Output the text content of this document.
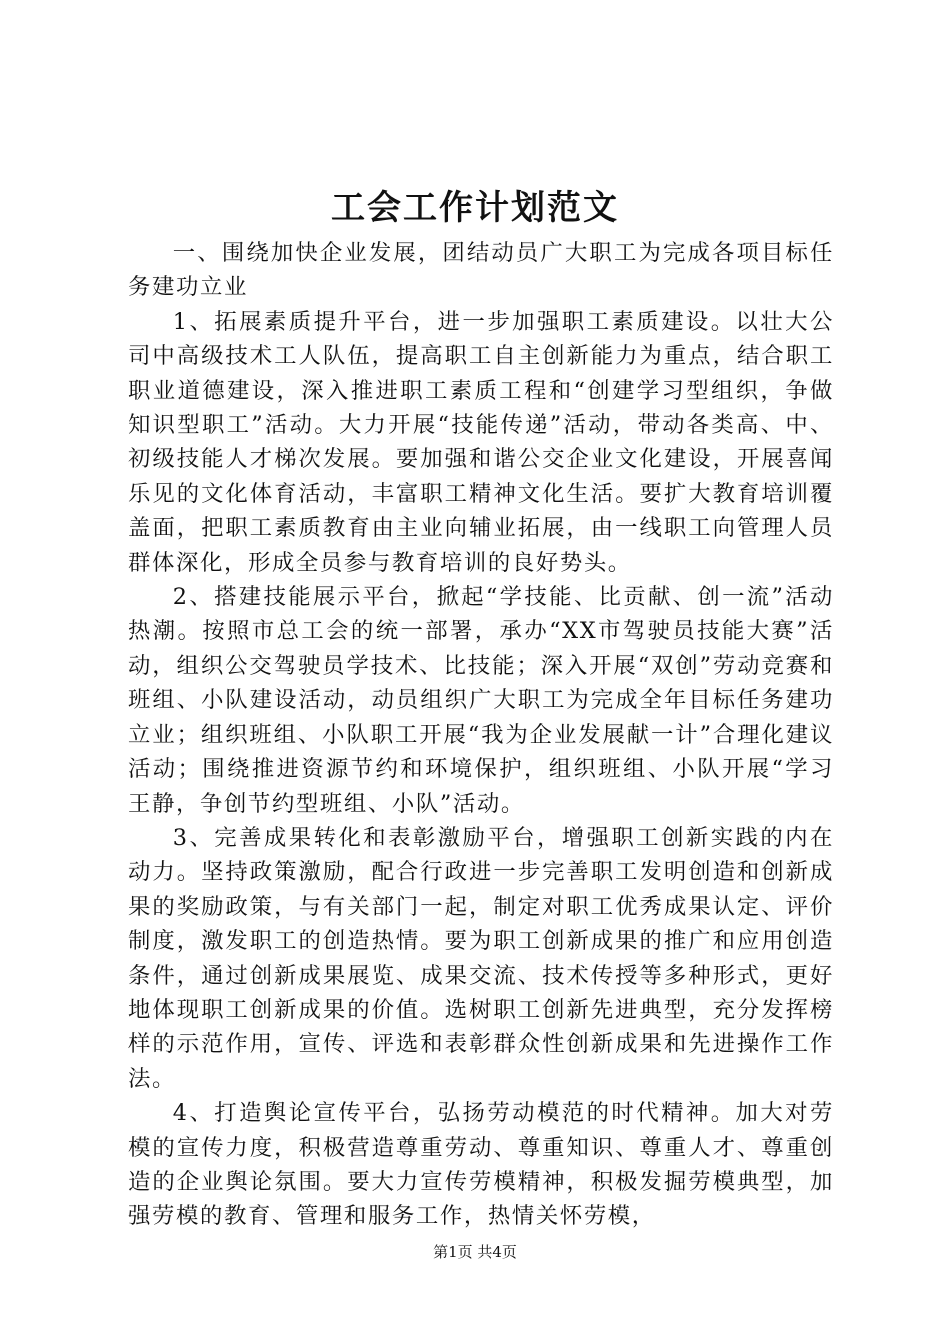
工会工作计划范文

一、围绕加快企业发展，团结动员广大职工为完成各项目标任务建功立业

1、拓展素质提升平台，进一步加强职工素质建设。以壮大公司中高级技术工人队伍，提高职工自主创新能力为重点，结合职工职业道德建设，深入推进职工素质工程和“创建学习型组织，争做知识型职工”活动。大力开展“技能传递”活动，带动各类高、中、初级技能人才梯次发展。要加强和谐公交企业文化建设，开展喜闻乐见的文化体育活动，丰富职工精神文化生活。要扩大教育培训覆盖面，把职工素质教育由主业向辅业拓展，由一线职工向管理人员群体深化，形成全员参与教育培训的良好势头。

2、搭建技能展示平台，掀起“学技能、比贡献、创一流”活动热潮。按照市总工会的统一部署，承办“XX市驾驶员技能大赛”活动，组织公交驾驶员学技术、比技能；深入开展“双创”劳动竞赛和班组、小队建设活动，动员组织广大职工为完成全年目标任务建功立业；组织班组、小队职工开展“我为企业发展献一计”合理化建议活动；围绕推进资源节约和环境保护，组织班组、小队开展“学习王静，争创节约型班组、小队”活动。

3、完善成果转化和表彰激励平台，增强职工创新实践的内在动力。坚持政策激励，配合行政进一步完善职工发明创造和创新成果的奖励政策，与有关部门一起，制定对职工优秀成果认定、评价制度，激发职工的创造热情。要为职工创新成果的推广和应用创造条件，通过创新成果展览、成果交流、技术传授等多种形式，更好地体现职工创新成果的价值。选树职工创新先进典型，充分发挥榜样的示范作用，宣传、评选和表彰群众性创新成果和先进操作工作法。

4、打造舆论宣传平台，弘扬劳动模范的时代精神。加大对劳模的宣传力度，积极营造尊重劳动、尊重知识、尊重人才、尊重创造的企业舆论氛围。要大力宣传劳模精神，积极发掘劳模典型，加强劳模的教育、管理和服务工作，热情关怀劳模，

第1页 共4页
